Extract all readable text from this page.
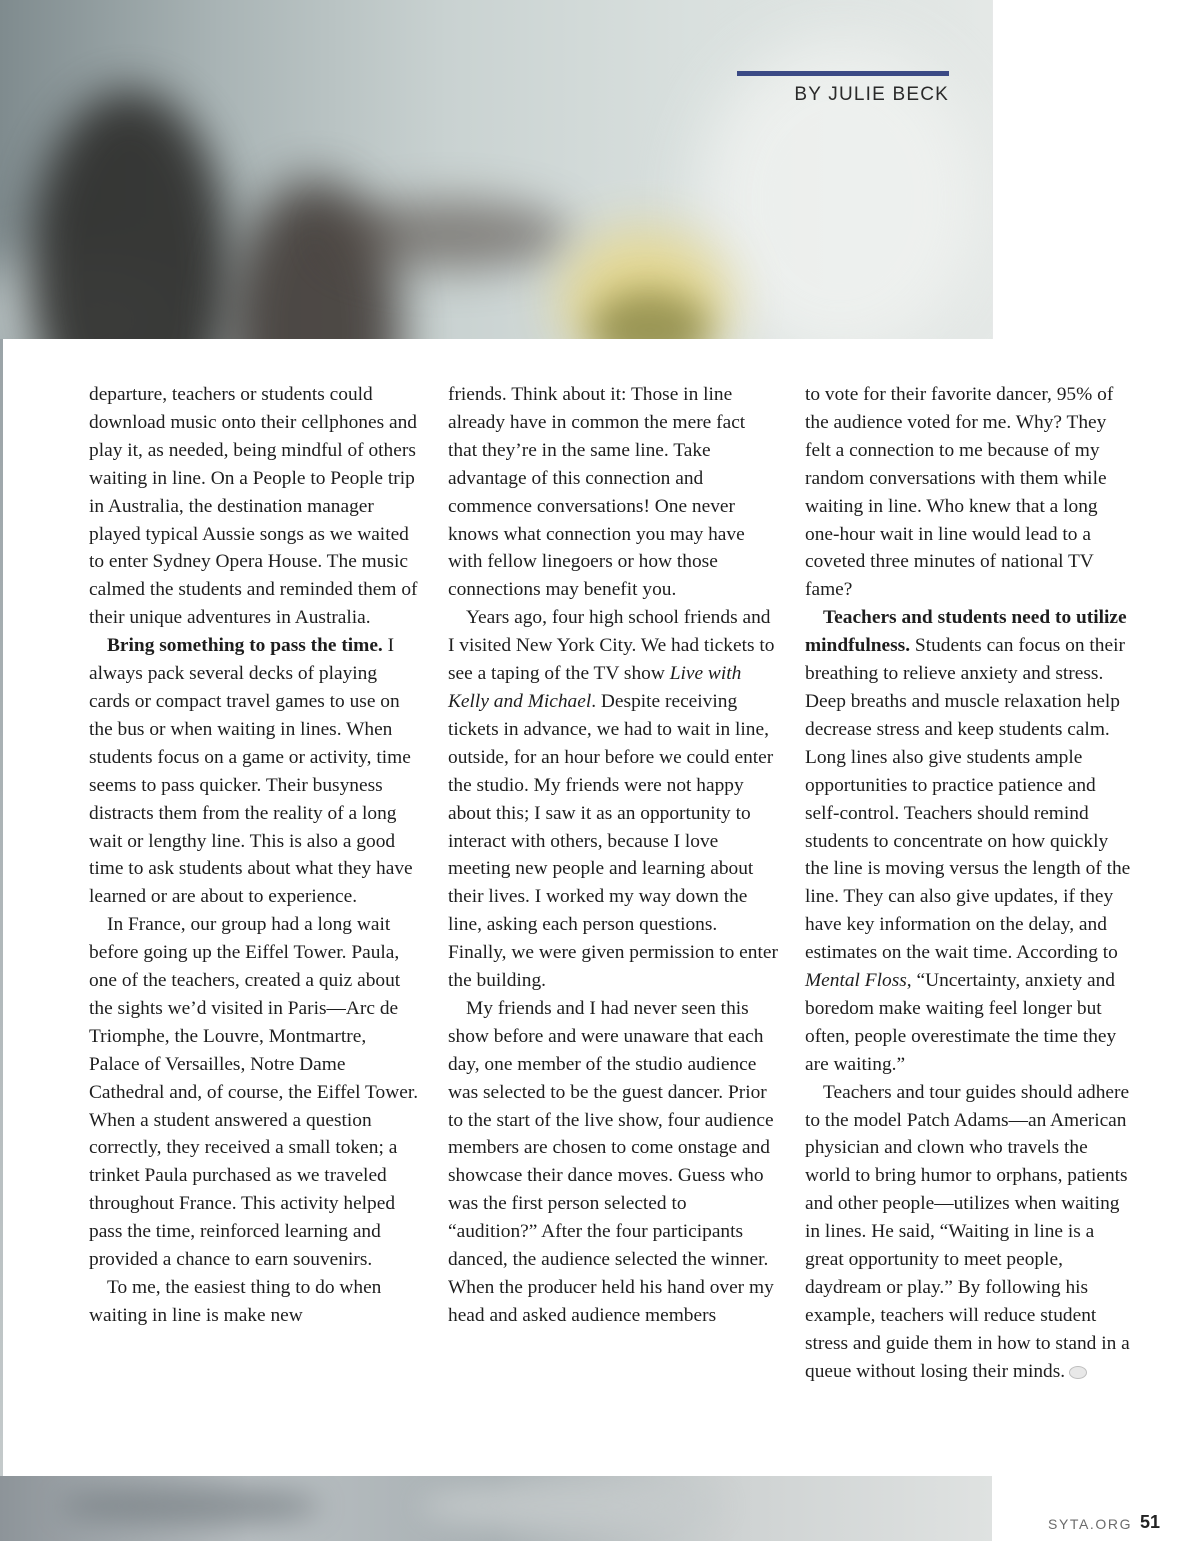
BY JULIE BECK

departure, teachers or students could download music onto their cellphones and play it, as needed, being mindful of others waiting in line. On a People to People trip in Australia, the destination manager played typical Aussie songs as we waited to enter Sydney Opera House. The music calmed the students and reminded them of their unique adventures in Australia.

Bring something to pass the time. I always pack several decks of playing cards or compact travel games to use on the bus or when waiting in lines. When students focus on a game or activity, time seems to pass quicker. Their busyness distracts them from the reality of a long wait or lengthy line. This is also a good time to ask students about what they have learned or are about to experience.

In France, our group had a long wait before going up the Eiffel Tower. Paula, one of the teachers, created a quiz about the sights we’d visited in Paris—Arc de Triomphe, the Louvre, Montmartre, Palace of Versailles, Notre Dame Cathedral and, of course, the Eiffel Tower. When a student answered a question correctly, they received a small token; a trinket Paula purchased as we traveled throughout France. This activity helped pass the time, reinforced learning and provided a chance to earn souvenirs.

To me, the easiest thing to do when waiting in line is make new

friends. Think about it: Those in line already have in common the mere fact that they’re in the same line. Take advantage of this connection and commence conversations! One never knows what connection you may have with fellow linegoers or how those connections may benefit you.

Years ago, four high school friends and I visited New York City. We had tickets to see a taping of the TV show Live with Kelly and Michael. Despite receiving tickets in advance, we had to wait in line, outside, for an hour before we could enter the studio. My friends were not happy about this; I saw it as an opportunity to interact with others, because I love meeting new people and learning about their lives. I worked my way down the line, asking each person questions. Finally, we were given permission to enter the building.

My friends and I had never seen this show before and were unaware that each day, one member of the studio audience was selected to be the guest dancer. Prior to the start of the live show, four audience members are chosen to come onstage and showcase their dance moves. Guess who was the first person selected to “audition?” After the four participants danced, the audience selected the winner. When the producer held his hand over my head and asked audience members

to vote for their favorite dancer, 95% of the audience voted for me. Why? They felt a connection to me because of my random conversations with them while waiting in line. Who knew that a long one-hour wait in line would lead to a coveted three minutes of national TV fame?

Teachers and students need to utilize mindfulness. Students can focus on their breathing to relieve anxiety and stress. Deep breaths and muscle relaxation help decrease stress and keep students calm. Long lines also give students ample opportunities to practice patience and self-control. Teachers should remind students to concentrate on how quickly the line is moving versus the length of the line. They can also give updates, if they have key information on the delay, and estimates on the wait time. According to Mental Floss, “Uncertainty, anxiety and boredom make waiting feel longer but often, people overestimate the time they are waiting.”

Teachers and tour guides should adhere to the model Patch Adams—an American physician and clown who travels the world to bring humor to orphans, patients and other people—utilizes when waiting in lines. He said, “Waiting in line is a great opportunity to meet people, daydream or play.” By following his example, teachers will reduce student stress and guide them in how to stand in a queue without losing their minds.

SYTA.ORG 51
